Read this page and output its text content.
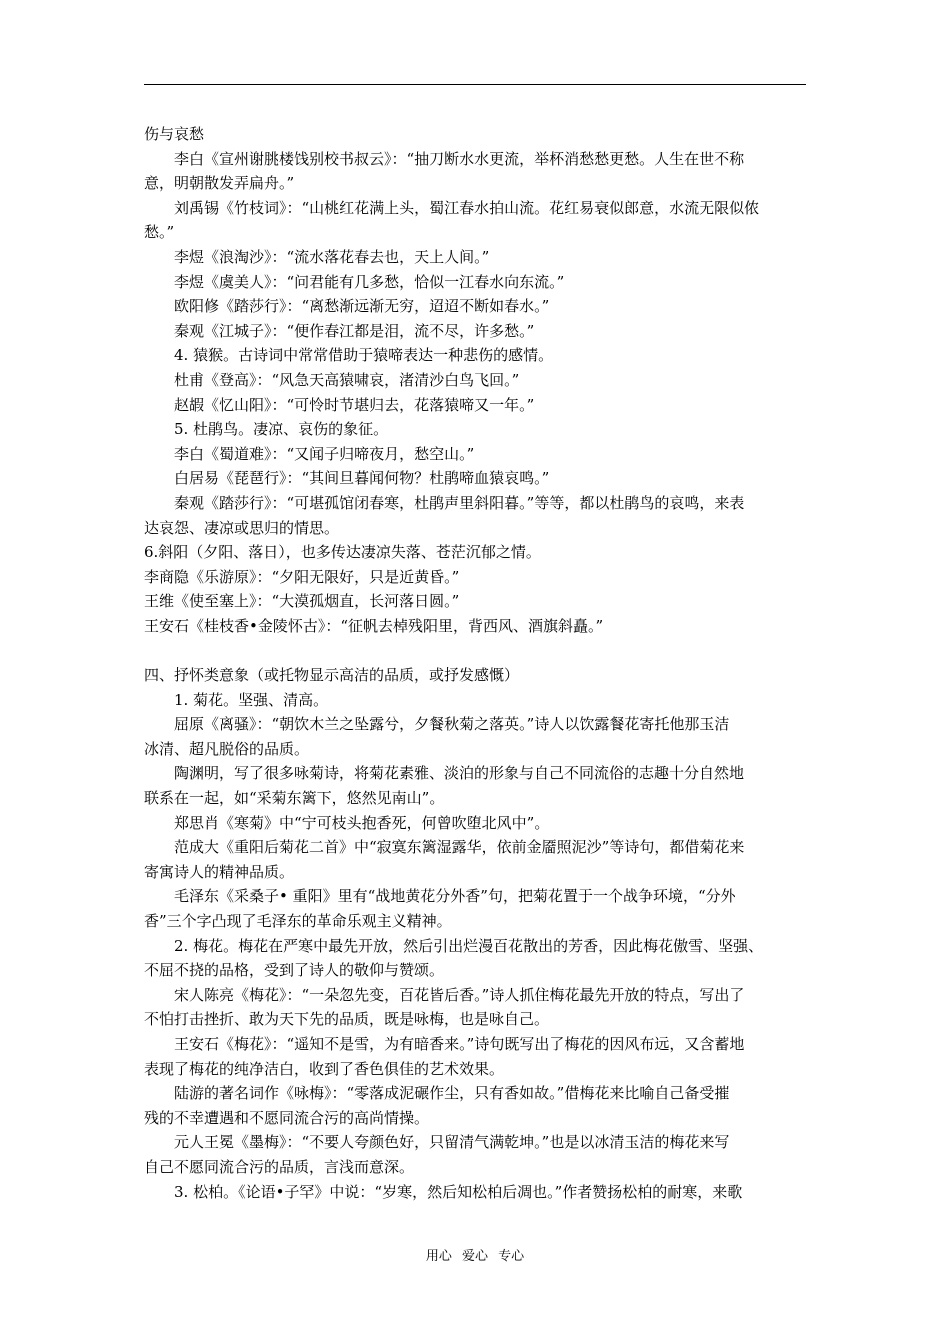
伤与哀愁
李白《宣州谢朓楼饯别校书叔云》：“抽刀断水水更流，举杯消愁愁更愁。人生在世不称
意，明朝散发弄扁舟。”
刘禹锡《竹枝词》：“山桃红花满上头，蜀江春水拍山流。花红易衰似郎意，水流无限似侬
愁。”
李煜《浪淘沙》：“流水落花春去也，天上人间。”
李煜《虞美人》：“问君能有几多愁，恰似一江春水向东流。”
欧阳修《踏莎行》：“离愁渐远渐无穷，迢迢不断如春水。”
秦观《江城子》：“便作春江都是泪，流不尽，许多愁。”
4. 猿猴。古诗词中常常借助于猿啼表达一种悲伤的感情。
杜甫《登高》：“风急天高猿啸哀，渚清沙白鸟飞回。”
赵嘏《忆山阳》：“可怜时节堪归去，花落猿啼又一年。”
5. 杜鹃鸟。凄凉、哀伤的象征。
李白《蜀道难》：“又闻子归啼夜月，愁空山。”
白居易《琵琶行》：“其间旦暮闻何物？杜鹃啼血猿哀鸣。”
秦观《踏莎行》：“可堪孤馆闭春寒，杜鹃声里斜阳暮。”等等，都以杜鹃鸟的哀鸣，来表
达哀怨、凄凉或思归的情思。
6.斜阳（夕阳、落日），也多传达凄凉失落、苍茫沉郁之情。
李商隐《乐游原》：“夕阳无限好，只是近黄昏。”
王维《使至塞上》：“大漠孤烟直，长河落日圆。”
王安石《桂枝香•金陵怀古》：“征帆去棹残阳里，背西风、酒旗斜矗。”
四、抒怀类意象（或托物显示高洁的品质，或抒发感慨）
1. 菊花。坚强、清高。
屈原《离骚》：“朝饮木兰之坠露兮，夕餐秋菊之落英。”诗人以饮露餐花寄托他那玉洁
冰清、超凡脱俗的品质。
陶渊明，写了很多咏菊诗，将菊花素雅、淡泊的形象与自己不同流俗的志趣十分自然地
联系在一起，如“采菊东篱下，悠然见南山”。
郑思肖《寒菊》中“宁可枝头抱香死，何曾吹堕北风中”。
范成大《重阳后菊花二首》中“寂寞东篱湿露华，依前金靥照泥沙”等诗句，都借菊花来
寄寓诗人的精神品质。
毛泽东《采桑子• 重阳》里有“战地黄花分外香”句，把菊花置于一个战争环境，“分外
香”三个字凸现了毛泽东的革命乐观主义精神。
2. 梅花。梅花在严寒中最先开放，然后引出烂漫百花散出的芳香，因此梅花傲雪、坚强、
不屈不挠的品格，受到了诗人的敬仰与赞颂。
宋人陈亮《梅花》：“一朵忽先变，百花皆后香。”诗人抓住梅花最先开放的特点，写出了
不怕打击挫折、敢为天下先的品质，既是咏梅，也是咏自己。
王安石《梅花》：“遥知不是雪，为有暗香来。”诗句既写出了梅花的因风布远，又含蓄地
表现了梅花的纯净洁白，收到了香色俱佳的艺术效果。
陆游的著名词作《咏梅》：“零落成泥碾作尘，只有香如故。”借梅花来比喻自己备受摧
残的不幸遭遇和不愿同流合污的高尚情操。
元人王冕《墨梅》：“不要人夸颜色好，只留清气满乾坤。”也是以冰清玉洁的梅花来写
自己不愿同流合污的品质，言浅而意深。
3. 松柏。《论语•子罕》中说：“岁寒，然后知松柏后凋也。”作者赞扬松柏的耐寒，来歌
用心 爱心 专心
